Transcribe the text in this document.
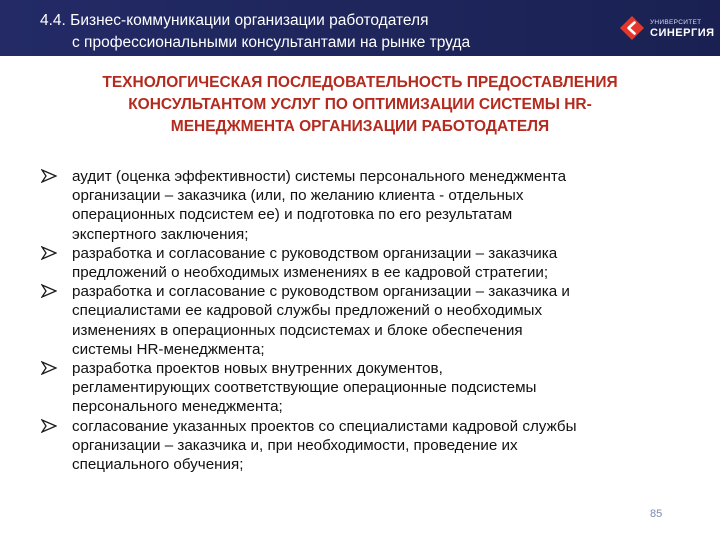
4.4. Бизнес-коммуникации организации работодателя
с профессиональными консультантами на рынке труда
УНИВЕРСИТЕТ
СИНЕРГИЯ
ТЕХНОЛОГИЧЕСКАЯ ПОСЛЕДОВАТЕЛЬНОСТЬ ПРЕДОСТАВЛЕНИЯ
КОНСУЛЬТАНТОМ УСЛУГ ПО ОПТИМИЗАЦИИ СИСТЕМЫ HR-
МЕНЕДЖМЕНТА ОРГАНИЗАЦИИ РАБОТОДАТЕЛЯ
аудит (оценка эффективности) системы персонального менеджмента
организации – заказчика (или, по желанию клиента - отдельных
операционных подсистем ее) и подготовка по его результатам
экспертного заключения;
разработка и согласование с руководством организации – заказчика
предложений о необходимых изменениях в ее кадровой стратегии;
разработка и согласование с руководством организации – заказчика и
специалистами ее кадровой службы предложений о необходимых
изменениях в операционных подсистемах и блоке обеспечения
системы HR-менеджмента;
разработка проектов новых внутренних документов,
регламентирующих соответствующие операционные подсистемы
персонального менеджмента;
согласование указанных проектов со специалистами кадровой службы
организации – заказчика и, при необходимости, проведение их
специального обучения;
85
